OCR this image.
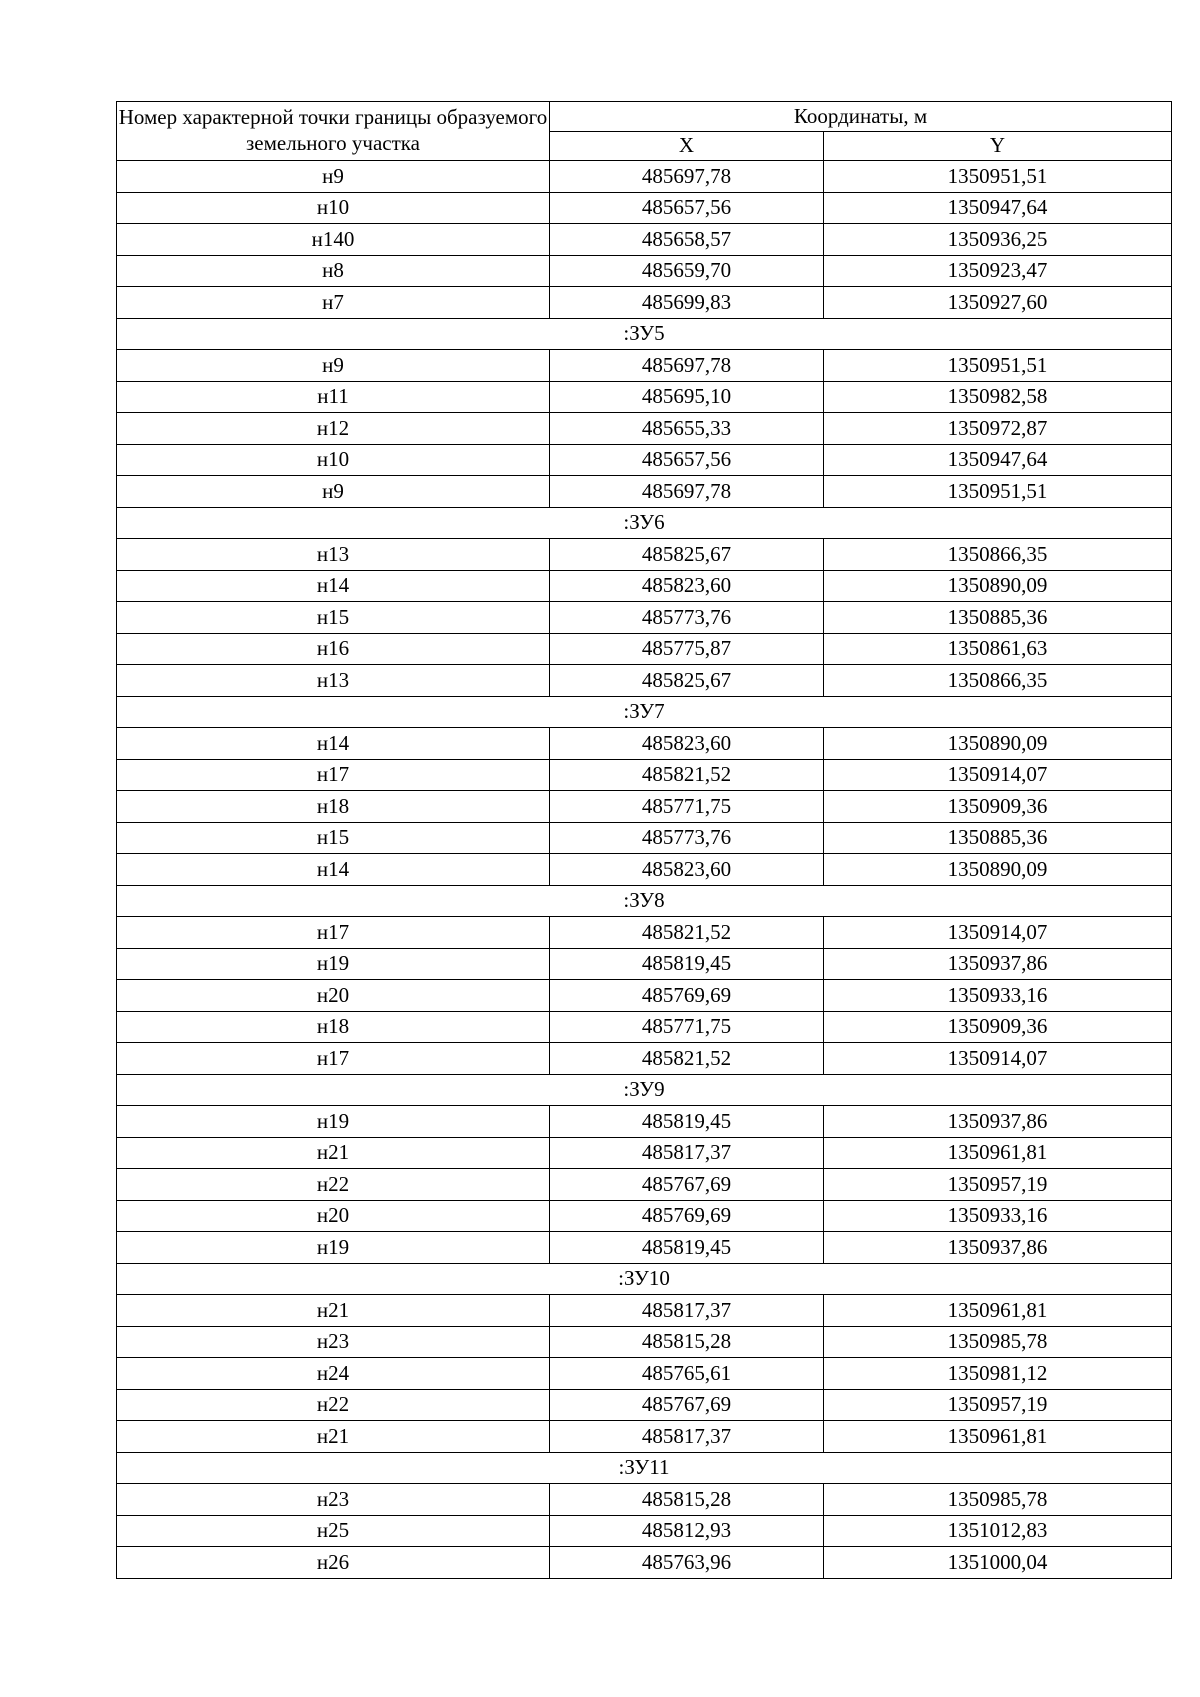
Номер характерной точки границы образуемого земельного участка	Координаты, м	
	X	Y
н9	485697,78	1350951,51
н10	485657,56	1350947,64
н140	485658,57	1350936,25
н8	485659,70	1350923,47
н7	485699,83	1350927,60
:ЗУ5		
н9	485697,78	1350951,51
н11	485695,10	1350982,58
н12	485655,33	1350972,87
н10	485657,56	1350947,64
н9	485697,78	1350951,51
:ЗУ6		
н13	485825,67	1350866,35
н14	485823,60	1350890,09
н15	485773,76	1350885,36
н16	485775,87	1350861,63
н13	485825,67	1350866,35
:ЗУ7		
н14	485823,60	1350890,09
н17	485821,52	1350914,07
н18	485771,75	1350909,36
н15	485773,76	1350885,36
н14	485823,60	1350890,09
:ЗУ8		
н17	485821,52	1350914,07
н19	485819,45	1350937,86
н20	485769,69	1350933,16
н18	485771,75	1350909,36
н17	485821,52	1350914,07
:ЗУ9		
н19	485819,45	1350937,86
н21	485817,37	1350961,81
н22	485767,69	1350957,19
н20	485769,69	1350933,16
н19	485819,45	1350937,86
:ЗУ10		
н21	485817,37	1350961,81
н23	485815,28	1350985,78
н24	485765,61	1350981,12
н22	485767,69	1350957,19
н21	485817,37	1350961,81
:ЗУ11		
н23	485815,28	1350985,78
н25	485812,93	1351012,83
н26	485763,96	1351000,04
